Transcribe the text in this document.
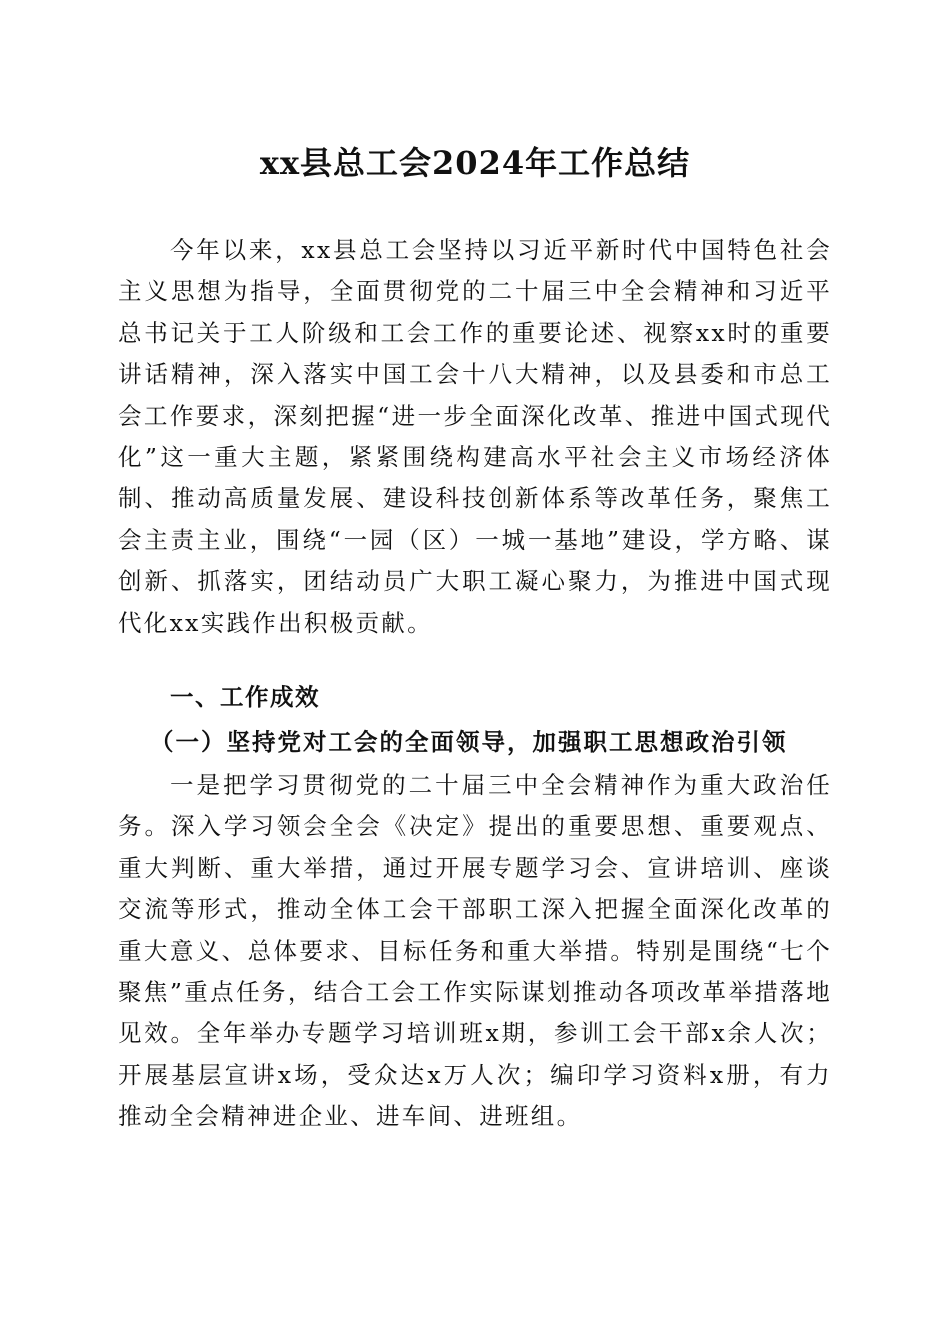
xx县总工会2024年工作总结

今年以来，xx县总工会坚持以习近平新时代中国特色社会主义思想为指导，全面贯彻党的二十届三中全会精神和习近平总书记关于工人阶级和工会工作的重要论述、视察xx时的重要讲话精神，深入落实中国工会十八大精神，以及县委和市总工会工作要求，深刻把握“进一步全面深化改革、推进中国式现代化”这一重大主题，紧紧围绕构建高水平社会主义市场经济体制、推动高质量发展、建设科技创新体系等改革任务，聚焦工会主责主业，围绕“一园（区）一城一基地”建设，学方略、谋创新、抓落实，团结动员广大职工凝心聚力，为推进中国式现代化xx实践作出积极贡献。

一、工作成效
（一）坚持党对工会的全面领导，加强职工思想政治引领

一是把学习贯彻党的二十届三中全会精神作为重大政治任务。深入学习领会全会《决定》提出的重要思想、重要观点、重大判断、重大举措，通过开展专题学习会、宣讲培训、座谈交流等形式，推动全体工会干部职工深入把握全面深化改革的重大意义、总体要求、目标任务和重大举措。特别是围绕“七个聚焦”重点任务，结合工会工作实际谋划推动各项改革举措落地见效。全年举办专题学习培训班x期，参训工会干部x余人次；开展基层宣讲x场，受众达x万人次；编印学习资料x册，有力推动全会精神进企业、进车间、进班组。
